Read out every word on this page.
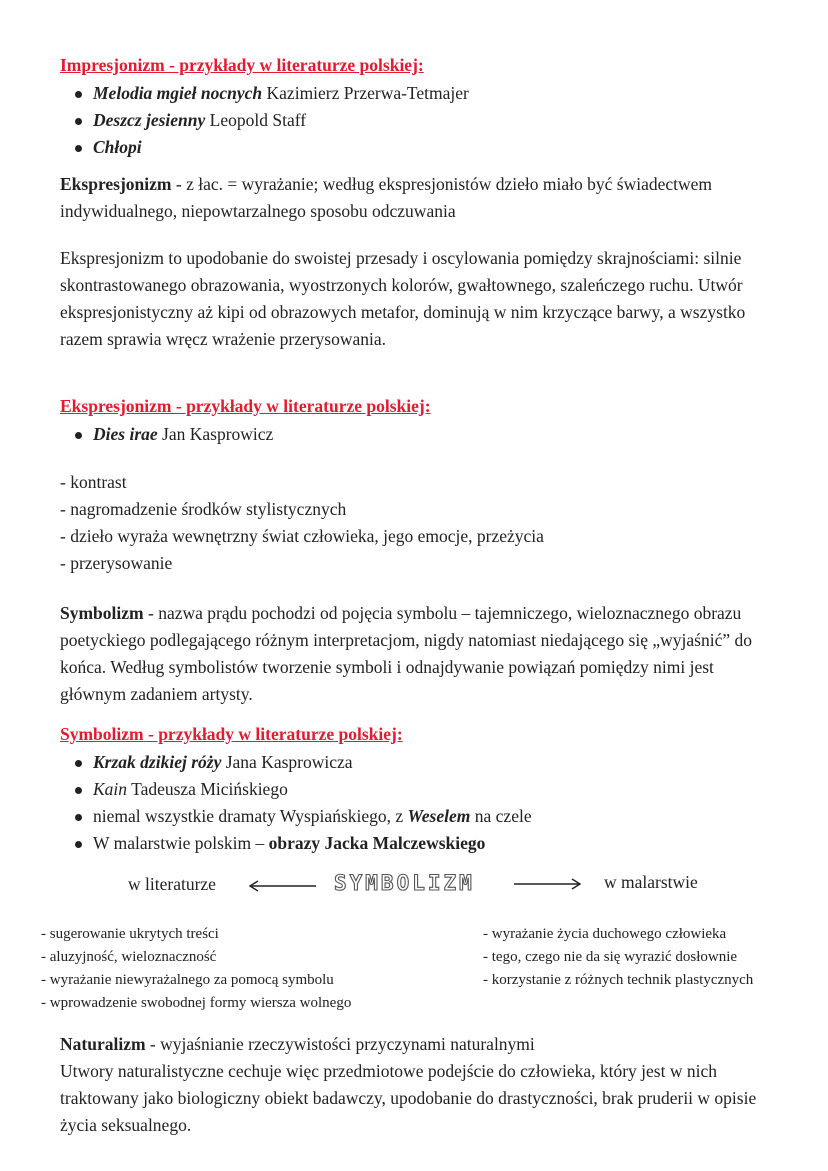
Impresjonizm - przykłady w literaturze polskiej:
Melodia mgieł nocnych Kazimierz Przerwa-Tetmajer
Deszcz jesienny Leopold Staff
Chłopi
Ekspresjonizm - z łac. = wyrażanie; według ekspresjonistów dzieło miało być świadectwem indywidualnego, niepowtarzalnego sposobu odczuwania
Ekspresjonizm to upodobanie do swoistej przesady i oscylowania pomiędzy skrajnościami: silnie skontrastowanego obrazowania, wyostrzonych kolorów, gwałtownego, szaleńczego ruchu. Utwór ekspresjonistyczny aż kipi od obrazowych metafor, dominują w nim krzyczące barwy, a wszystko razem sprawia wręcz wrażenie przerysowania.
Ekspresjonizm - przykłady w literaturze polskiej:
Dies irae Jan Kasprowicz
- kontrast
- nagromadzenie środków stylistycznych
- dzieło wyraża wewnętrzny świat człowieka, jego emocje, przeżycia
- przerysowanie
Symbolizm - nazwa prądu pochodzi od pojęcia symbolu – tajemniczego, wieloznacznego obrazu poetyckiego podlegającego różnym interpretacjom, nigdy natomiast niedającego się „wyjaśnić” do końca. Według symbolistów tworzenie symboli i odnajdywanie powiązań pomiędzy nimi jest głównym zadaniem artysty.
Symbolizm - przykłady w literaturze polskiej:
Krzak dzikiej róży Jana Kasprowicza
Kain Tadeusza Micińskiego
niemal wszystkie dramaty Wyspiańskiego, z Weselem na czele
W malarstwie polskim – obrazy Jacka Malczewskiego
w literaturze	SYMBOLIZM	w malarstwie
- sugerowanie ukrytych treści
- aluzyjność, wieloznaczność
- wyrażanie niewyrażalnego za pomocą symbolu
- wprowadzenie swobodnej formy wiersza wolnego
- wyrażanie życia duchowego człowieka
- tego, czego nie da się wyrazić dosłownie
- korzystanie z różnych technik plastycznych
Naturalizm - wyjaśnianie rzeczywistości przyczynami naturalnymi
Utwory naturalistyczne cechuje więc przedmiotowe podejście do człowieka, który jest w nich traktowany jako biologiczny obiekt badawczy, upodobanie do drastyczności, brak pruderii w opisie życia seksualnego.
